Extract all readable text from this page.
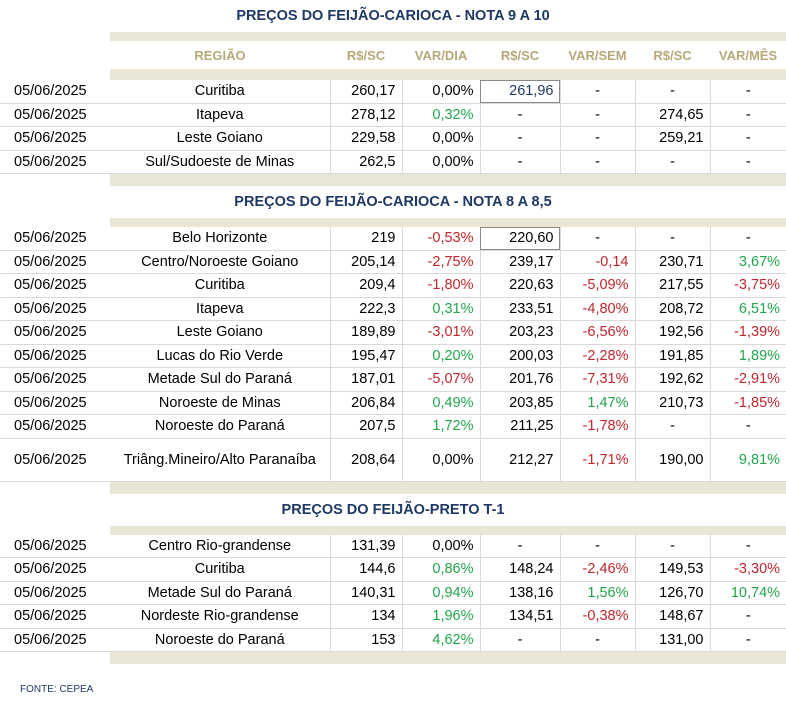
PREÇOS DO FEIJÃO-CARIOCA - NOTA 9 A 10							

	REGIÃO	R$/SC	VAR/DIA	R$/SC	VAR/SEM	R$/SC	VAR/MÊS

05/06/2025	Curitiba	260,17	0,00%	261,96	-	-	-
05/06/2025	Itapeva	278,12	0,32%	-	-	274,65	-
05/06/2025	Leste Goiano	229,58	0,00%	-	-	259,21	-
05/06/2025	Sul/Sudoeste de Minas	262,5	0,00%	-	-	-	-

PREÇOS DO FEIJÃO-CARIOCA - NOTA 8 A 8,5							

05/06/2025	Belo Horizonte	219	-0,53%	220,60	-	-	-
05/06/2025	Centro/Noroeste Goiano	205,14	-2,75%	239,17	-0,14	230,71	3,67%
05/06/2025	Curitiba	209,4	-1,80%	220,63	-5,09%	217,55	-3,75%
05/06/2025	Itapeva	222,3	0,31%	233,51	-4,80%	208,72	6,51%
05/06/2025	Leste Goiano	189,89	-3,01%	203,23	-6,56%	192,56	-1,39%
05/06/2025	Lucas do Rio Verde	195,47	0,20%	200,03	-2,28%	191,85	1,89%
05/06/2025	Metade Sul do Paraná	187,01	-5,07%	201,76	-7,31%	192,62	-2,91%
05/06/2025	Noroeste de Minas	206,84	0,49%	203,85	1,47%	210,73	-1,85%
05/06/2025	Noroeste do Paraná	207,5	1,72%	211,25	-1,78%	-	-
05/06/2025	Triâng.Mineiro/Alto Paranaíba	208,64	0,00%	212,27	-1,71%	190,00	9,81%

PREÇOS DO FEIJÃO-PRETO T-1							

05/06/2025	Centro Rio-grandense	131,39	0,00%	-	-	-	-
05/06/2025	Curitiba	144,6	0,86%	148,24	-2,46%	149,53	-3,30%
05/06/2025	Metade Sul do Paraná	140,31	0,94%	138,16	1,56%	126,70	10,74%
05/06/2025	Nordeste Rio-grandense	134	1,96%	134,51	-0,38%	148,67	-
05/06/2025	Noroeste do Paraná	153	4,62%	-	-	131,00	-

FONTE: CEPEA
